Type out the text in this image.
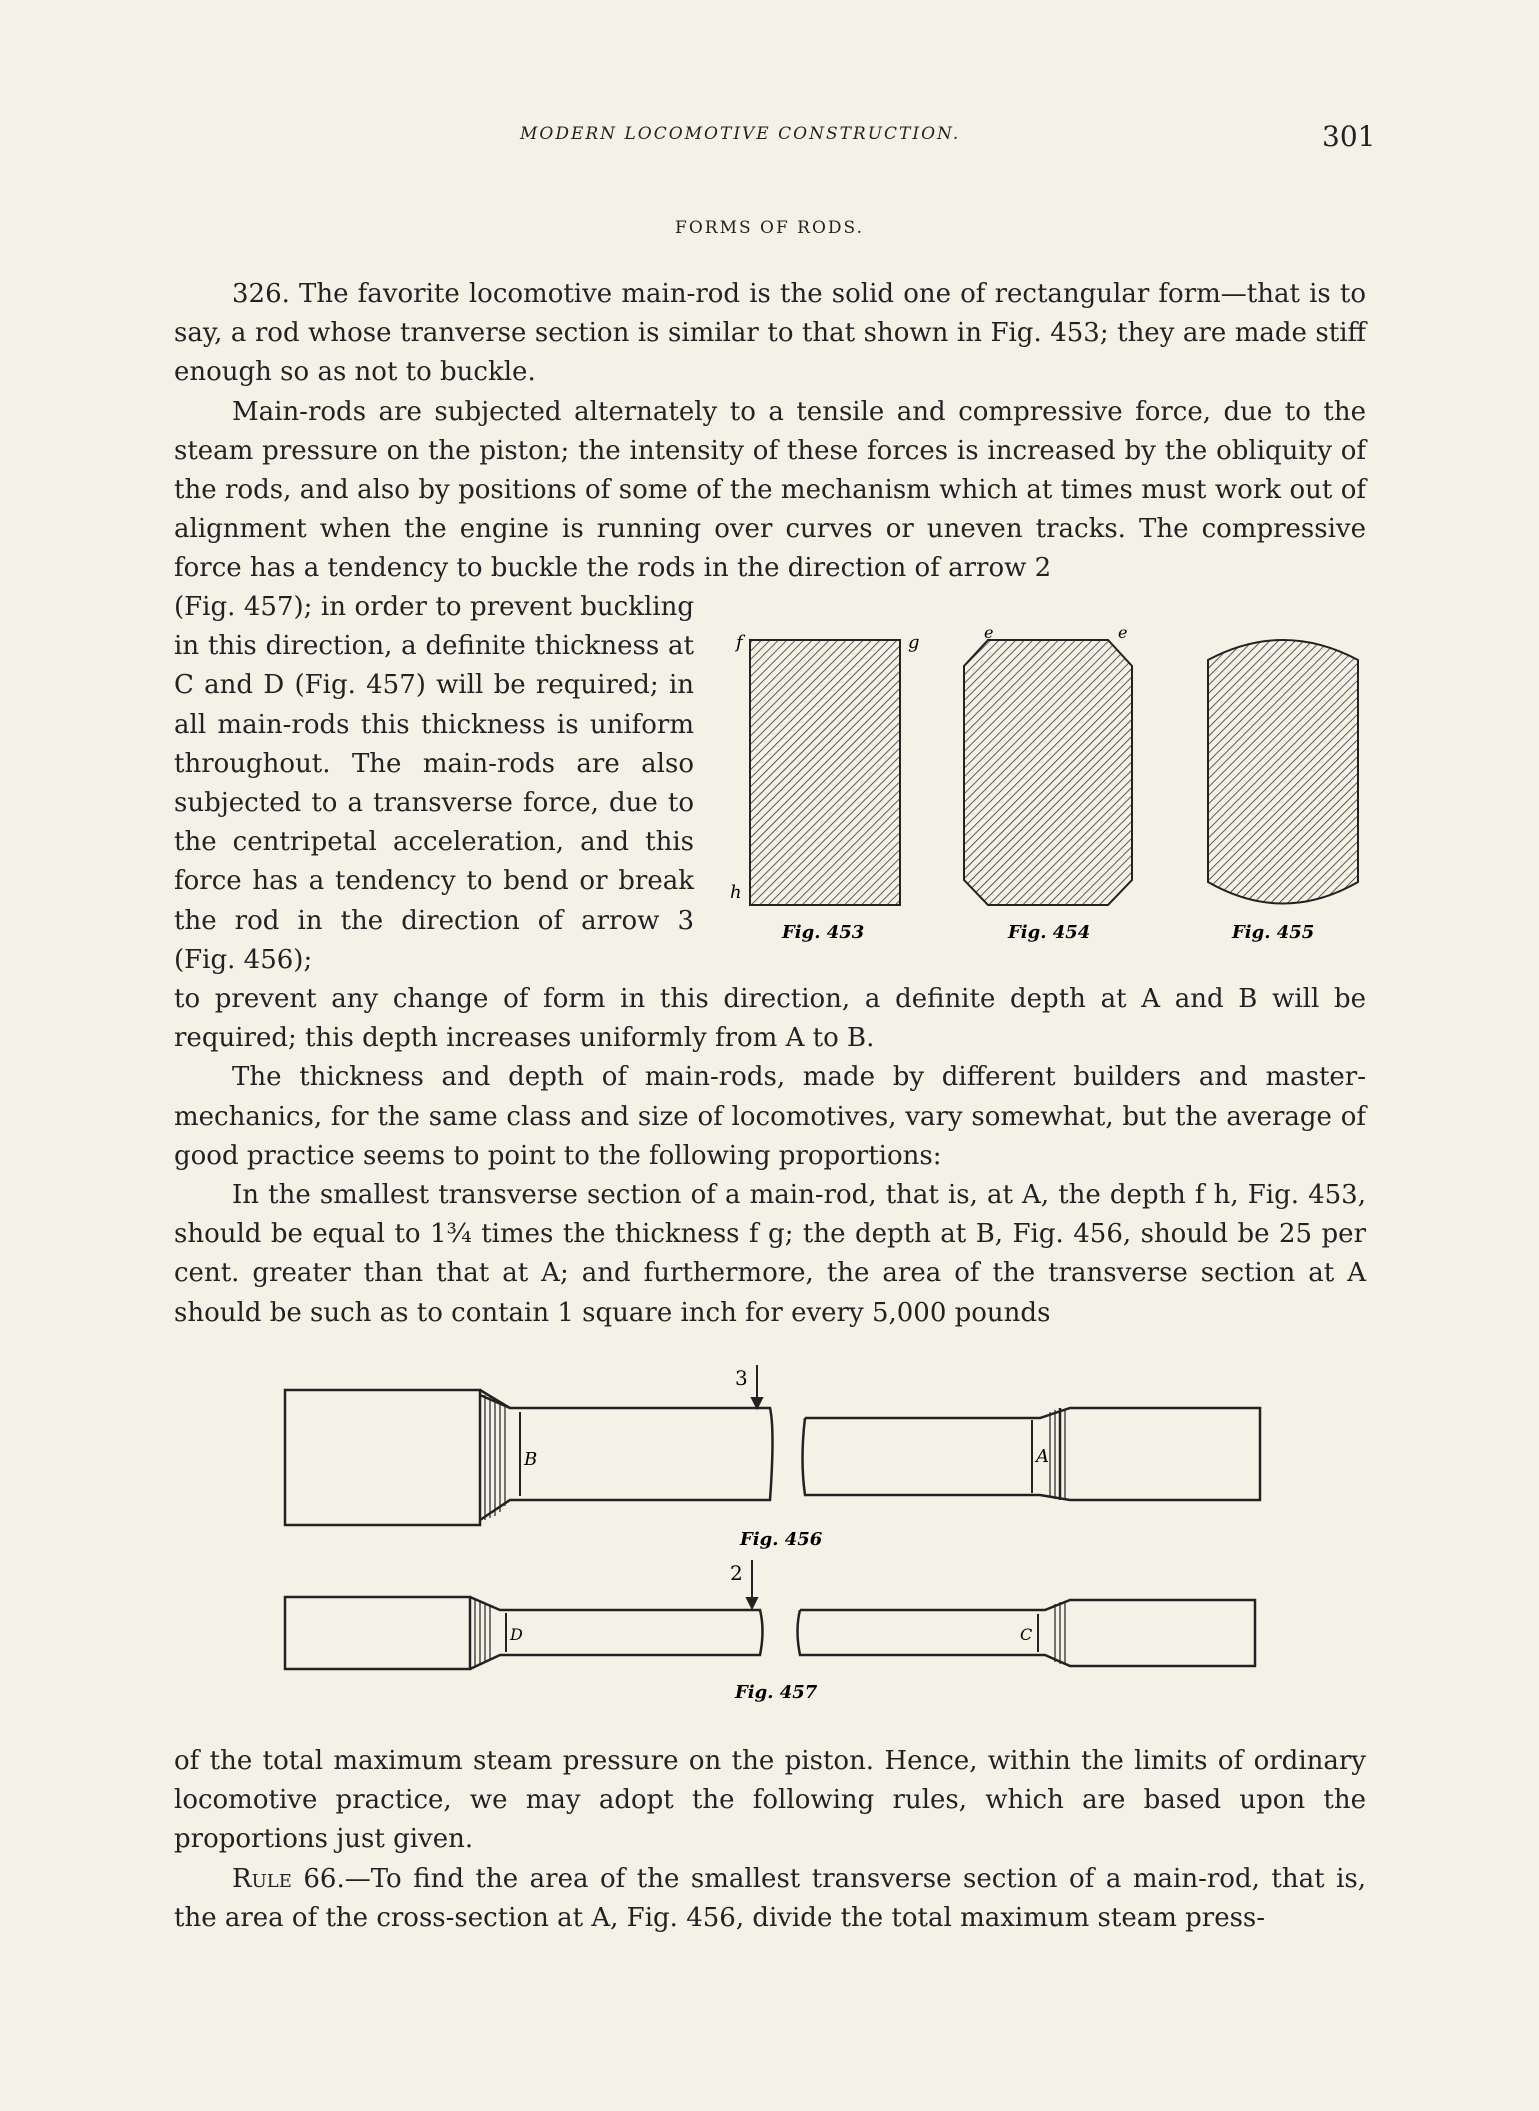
MODERN LOCOMOTIVE CONSTRUCTION.	301
FORMS OF RODS.

326. The favorite locomotive main-rod is the solid one of rectangular form—that is to say, a rod whose tranverse section is similar to that shown in Fig. 453; they are made stiff enough so as not to buckle.

Main-rods are subjected alternately to a tensile and compressive force, due to the steam pressure on the piston; the intensity of these forces is increased by the obliquity of the rods, and also by positions of some of the mechanism which at times must work out of alignment when the engine is running over curves or uneven tracks. The compressive force has a tendency to buckle the rods in the direction of arrow 2

(Fig. 457); in order to prevent buckling in this direction, a definite thickness at C and D (Fig. 457) will be required; in all main-rods this thickness is uniform throughout. The main-rods are also subjected to a transverse force, due to the centripetal acceleration, and this force has a tendency to bend or break the rod in the direction of arrow 3 (Fig. 456);

f	g
h
e	e
Fig. 453	Fig. 454	Fig. 455

to prevent any change of form in this direction, a definite depth at A and B will be required; this depth increases uniformly from A to B.

The thickness and depth of main-rods, made by different builders and master-mechanics, for the same class and size of locomotives, vary somewhat, but the average of good practice seems to point to the following proportions:

In the smallest transverse section of a main-rod, that is, at A, the depth f h, Fig. 453, should be equal to 1¾ times the thickness f g; the depth at B, Fig. 456, should be 25 per cent. greater than that at A; and furthermore, the area of the transverse section at A should be such as to contain 1 square inch for every 5,000 pounds

3
2
B	A
D	C
Fig. 456
Fig. 457

of the total maximum steam pressure on the piston. Hence, within the limits of ordinary locomotive practice, we may adopt the following rules, which are based upon the proportions just given.

Rule 66.—To find the area of the smallest transverse section of a main-rod, that is, the area of the cross-section at A, Fig. 456, divide the total maximum steam press-
